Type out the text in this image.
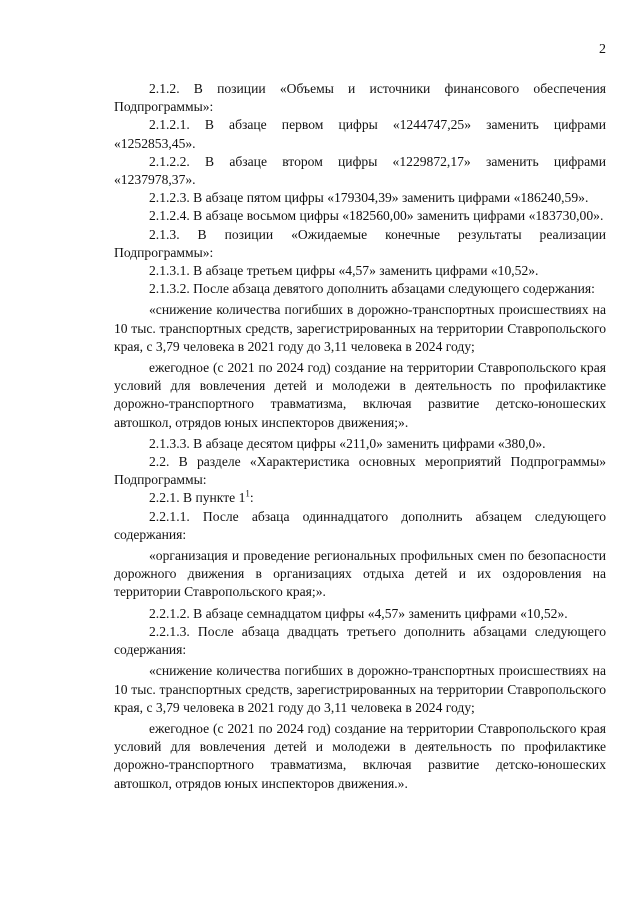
2

2.1.2. В позиции «Объемы и источники финансового обеспечения Подпрограммы»:

2.1.2.1. В абзаце первом цифры «1244747,25» заменить цифрами «1252853,45».

2.1.2.2. В абзаце втором цифры «1229872,17» заменить цифрами «1237978,37».

2.1.2.3. В абзаце пятом цифры «179304,39» заменить цифрами «186240,59».

2.1.2.4. В абзаце восьмом цифры «182560,00» заменить цифрами «183730,00».

2.1.3. В позиции «Ожидаемые конечные результаты реализации Подпрограммы»:

2.1.3.1. В абзаце третьем цифры «4,57» заменить цифрами «10,52».

2.1.3.2. После абзаца девятого дополнить абзацами следующего содержания:

«снижение количества погибших в дорожно-транспортных происшествиях на 10 тыс. транспортных средств, зарегистрированных на территории Ставропольского края, с 3,79 человека в 2021 году до 3,11 человека в 2024 году;

ежегодное (с 2021 по 2024 год) создание на территории Ставропольского края условий для вовлечения детей и молодежи в деятельность по профилактике дорожно-транспортного травматизма, включая развитие детско-юношеских автошкол, отрядов юных инспекторов движения;».

2.1.3.3. В абзаце десятом цифры «211,0» заменить цифрами «380,0».

2.2. В разделе «Характеристика основных мероприятий Подпрограммы» Подпрограммы:

2.2.1. В пункте $1^1$:

2.2.1.1. После абзаца одиннадцатого дополнить абзацем следующего содержания:

«организация и проведение региональных профильных смен по безопасности дорожного движения в организациях отдыха детей и их оздоровления на территории Ставропольского края;».

2.2.1.2. В абзаце семнадцатом цифры «4,57» заменить цифрами «10,52».

2.2.1.3. После абзаца двадцать третьего дополнить абзацами следующего содержания:

«снижение количества погибших в дорожно-транспортных происшествиях на 10 тыс. транспортных средств, зарегистрированных на территории Ставропольского края, с 3,79 человека в 2021 году до 3,11 человека в 2024 году;

ежегодное (с 2021 по 2024 год) создание на территории Ставропольского края условий для вовлечения детей и молодежи в деятельность по профилактике дорожно-транспортного травматизма, включая развитие детско-юношеских автошкол, отрядов юных инспекторов движения.».
